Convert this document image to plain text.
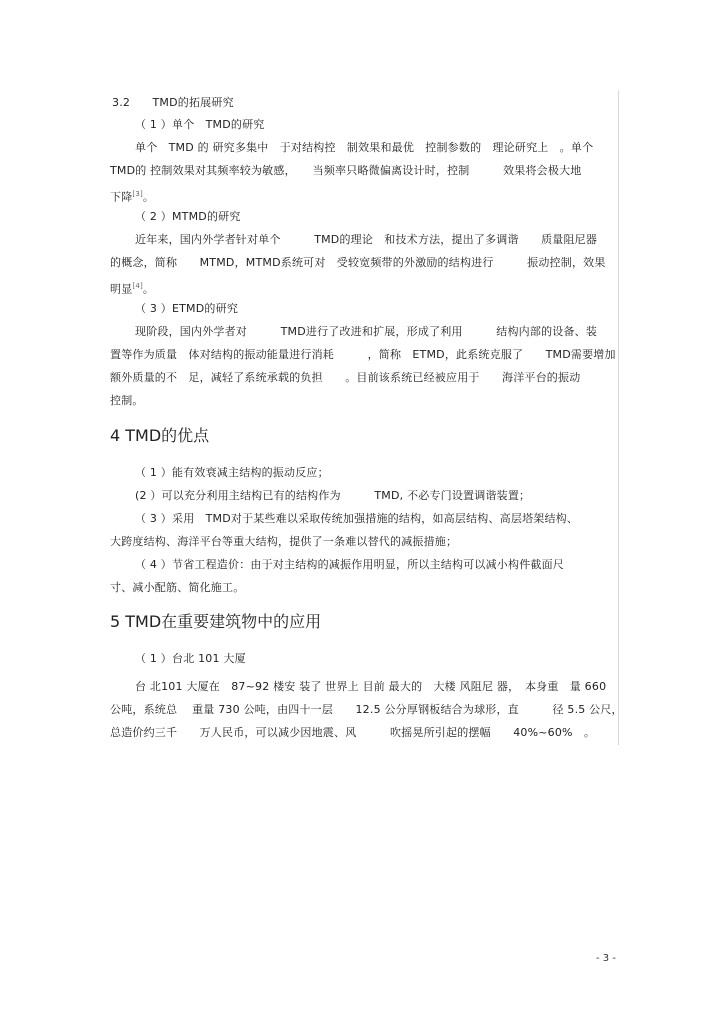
3.2　　TMD的拓展研究
（ 1 ）单个　TMD的研究
单个　TMD 的 研究多集中　于对结构控　制效果和最优　控制参数的　理论研究上　。单个
TMD的 控制效果对其频率较为敏感，　　当频率只略微偏离设计时，控制　　　效果将会极大地
下降[3]。
（ 2 ）MTMD的研究
近年来，国内外学者针对单个　　　TMD的理论　和技术方法，提出了多调谐　　质量阻尼器
的概念，简称　　MTMD，MTMD系统可对　受较宽频带的外激励的结构进行　　　振动控制，效果
明显[4]。
（ 3 ）ETMD的研究
现阶段，国内外学者对　　　TMD进行了改进和扩展，形成了利用　　　结构内部的设备、装
置等作为质量　体对结构的振动能量进行消耗　　　，简称　ETMD，此系统克服了　　TMD需要增加
额外质量的不　足，减轻了系统承载的负担　　。目前该系统已经被应用于　　海洋平台的振动
控制。
4 TMD的优点
（ 1 ）能有效衰减主结构的振动反应；
(2 ）可以充分利用主结构已有的结构作为　　　TMD, 不必专门设置调谐装置；
（ 3 ）采用　TMD对于某些难以采取传统加强措施的结构，如高层结构、高层塔架结构、
大跨度结构、海洋平台等重大结构，提供了一条难以替代的减振措施；
（ 4 ）节省工程造价：由于对主结构的减振作用明显，所以主结构可以减小构件截面尺
寸、减小配筋、简化施工。
5 TMD在重要建筑物中的应用
（ 1 ）台北 101 大厦
台 北101 大厦在　87~92 楼安 装了 世界上 目前 最大的　大楼 风阻尼 器，　本身重　量 660
公吨，系统总　 重量 730 公吨，由四十一层　　12.5 公分厚钢板结合为球形，直　　　径 5.5 公尺，
总造价约三千　　万人民币，可以减少因地震、风　　　吹摇晃所引起的摆幅　　40%~60%　。
- 3 -
